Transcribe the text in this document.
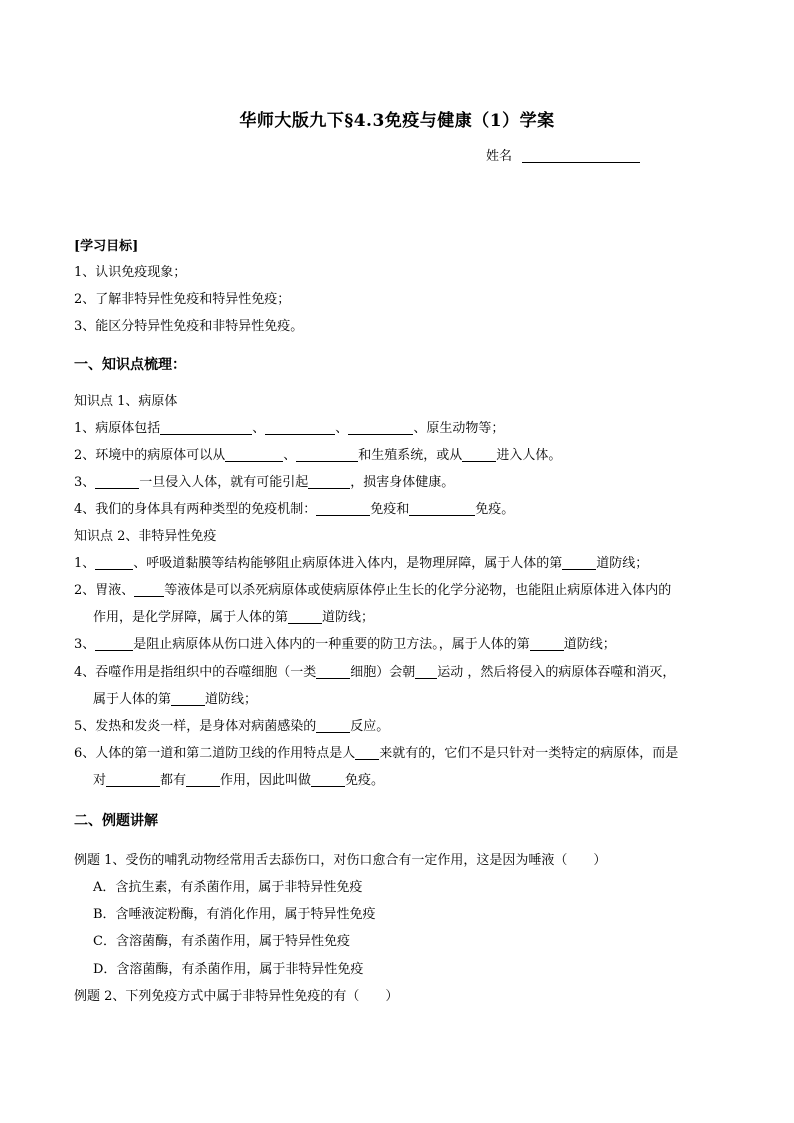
华师大版九下§4.3免疫与健康（1）学案
姓名
[学习目标]
1、认识免疫现象；
2、了解非特异性免疫和特异性免疫；
3、能区分特异性免疫和非特异性免疫。
一、知识点梳理：
知识点 1、病原体
1、病原体包括	、	、	、原生动物等；
2、环境中的病原体可以从	、	和生殖系统，或从	进入人体。
3、	一旦侵入人体，就有可能引起	，损害身体健康。
4、我们的身体具有两种类型的免疫机制：	免疫和	免疫。
知识点 2、非特异性免疫
1、	、呼吸道黏膜等结构能够阻止病原体进入体内，是物理屏障，属于人体的第	道防线；
2、胃液、 等液体是可以杀死病原体或使病原体停止生长的化学分泌物，也能阻止病原体进入体内的
作用，是化学屏障，属于人体的第	道防线；
3、	是阻止病原体从伤口进入体内的一种重要的防卫方法。，属于人体的第	道防线；
4、吞噬作用是指组织中的吞噬细胞（一类	细胞）会朝 运动 ，然后将侵入的病原体吞噬和消灭，
属于人体的第	道防线；
5、发热和发炎一样，是身体对病菌感染的	反应。
6、人体的第一道和第二道防卫线的作用特点是人 来就有的，它们不是只针对一类特定的病原体，而是
对	都有	作用，因此叫做	免疫。
二、例题讲解
例题 1、受伤的哺乳动物经常用舌去舔伤口，对伤口愈合有一定作用，这是因为唾液（　　）
A．含抗生素，有杀菌作用，属于非特异性免疫
B．含唾液淀粉酶，有消化作用，属于特异性免疫
C．含溶菌酶，有杀菌作用，属于特异性免疫
D．含溶菌酶，有杀菌作用，属于非特异性免疫
例题 2、下列免疫方式中属于非特异性免疫的有（　　）
